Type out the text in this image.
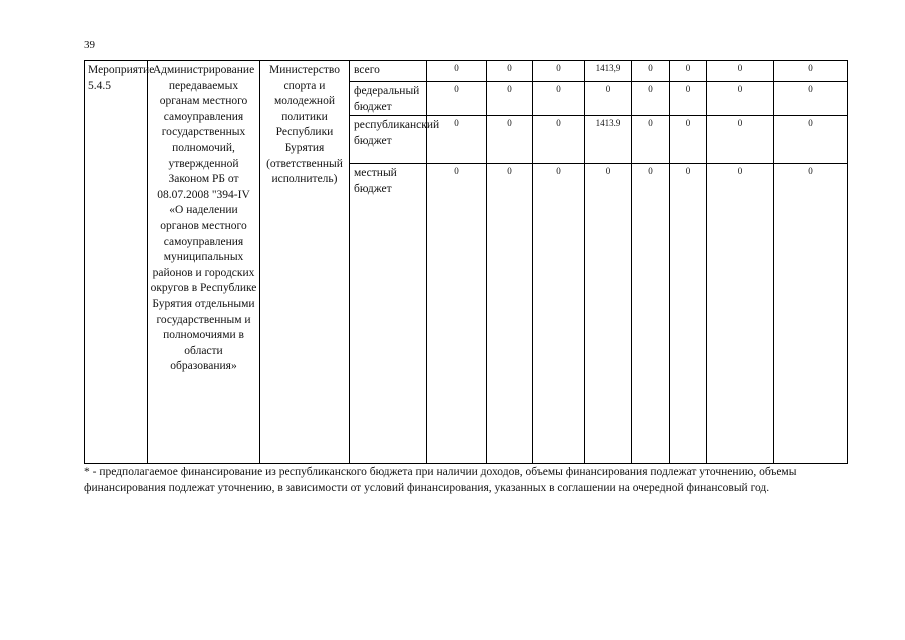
39
Мероприятие 5.4.5	Администрирование передаваемых органам местного самоуправления государственных полномочий, утвержденной Законом РБ от 08.07.2008 "394-IV «О наделении органов местного самоуправления муниципальных районов и городских округов в Республике Бурятия отдельными государственным и полномочиями в области образования»	Министерство спорта и молодежной политики Республики Бурятия (ответственный исполнитель)	всего	0	0	0	1413,9	0	0	0	0
			федеральный бюджет	0	0	0	0	0	0	0	0
			республиканский бюджет	0	0	0	1413.9	0	0	0	0
			местный бюджет	0	0	0	0	0	0	0	0
* - предполагаемое финансирование из республиканского бюджета при наличии доходов, объемы финансирования подлежат уточнению, объемы финансирования подлежат уточнению, в зависимости от условий финансирования, указанных в соглашении на очередной финансовый год.
